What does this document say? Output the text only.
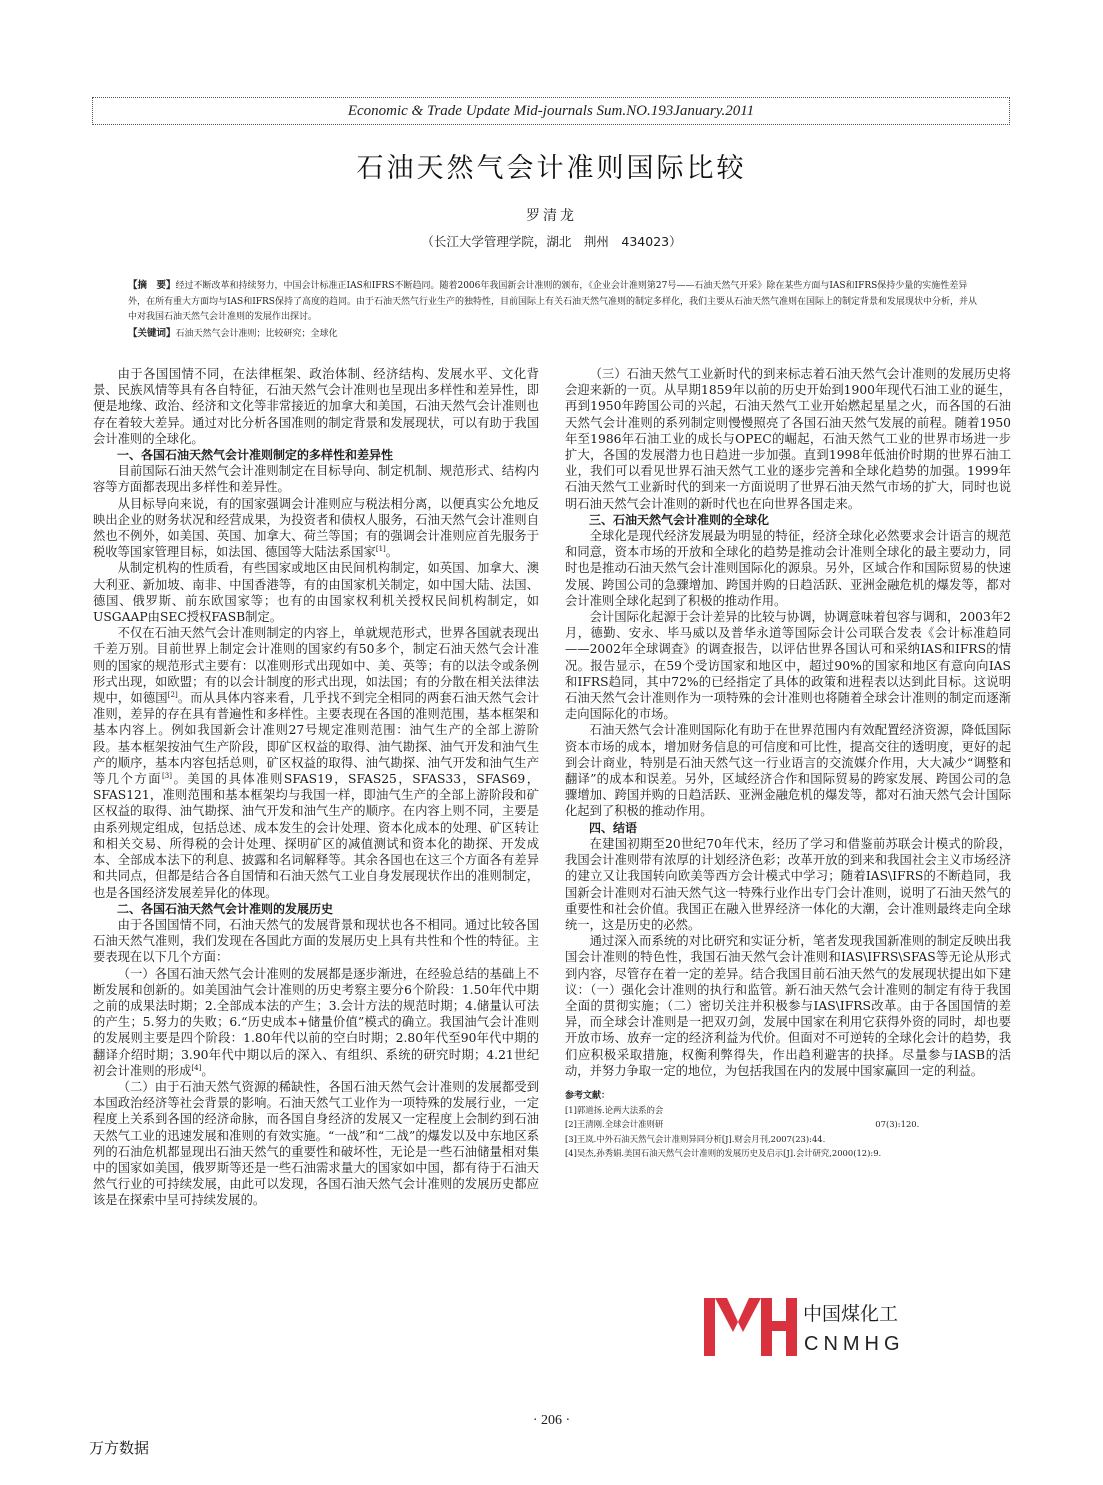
Economic & Trade Update Mid-journals Sum.NO.193January.2011
石油天然气会计准则国际比较
罗清龙
（长江大学管理学院，湖北　荆州　434023）
【摘　要】经过不断改革和持续努力，中国会计标准正IAS和IFRS不断趋同。随着2006年我国新会计准则的颁布，《企业会计准则第27号——石油天然气开采》除在某些方面与IAS和IFRS保持少量的实施性差异外，在所有重大方面均与IAS和IFRS保持了高度的趋同。由于石油天然气行业生产的独特性，目前国际上有关石油天然气准则的制定多样化，我们主要从石油天然气准则在国际上的制定背景和发展现状中分析，并从中对我国石油天然气会计准则的发展作出探讨。
【关键词】石油天然气会计准则；比较研究；全球化

由于各国国情不同，在法律框架、政治体制、经济结构、发展水平、文化背景、民族风情等具有各自特征，石油天然气会计准则也呈现出多样性和差异性，即便是地缘、政治、经济和文化等非常接近的加拿大和美国，石油天然气会计准则也存在着较大差异。通过对比分析各国准则的制定背景和发展现状，可以有助于我国会计准则的全球化。

一、各国石油天然气会计准则制定的多样性和差异性

目前国际石油天然气会计准则制定在目标导向、制定机制、规范形式、结构内容等方面都表现出多样性和差异性。

从目标导向来说，有的国家强调会计准则应与税法相分离，以便真实公允地反映出企业的财务状况和经营成果，为投资者和债权人服务，石油天然气会计准则自然也不例外，如美国、英国、加拿大、荷兰等国；有的强调会计准则应首先服务于税收等国家管理目标，如法国、德国等大陆法系国家[1]。

从制定机构的性质看，有些国家或地区由民间机构制定，如英国、加拿大、澳大利亚、新加坡、南非、中国香港等，有的由国家机关制定，如中国大陆、法国、德国、俄罗斯、前东欧国家等；也有的由国家权利机关授权民间机构制定，如USGAAP由SEC授权FASB制定。

不仅在石油天然气会计准则制定的内容上，单就规范形式，世界各国就表现出千差万别。目前世界上制定会计准则的国家约有50多个，制定石油天然气会计准则的国家的规范形式主要有：以准则形式出现如中、美、英等；有的以法令或条例形式出现，如欧盟；有的以会计制度的形式出现，如法国；有的分散在相关法律法规中，如德国[2]。而从具体内容来看，几乎找不到完全相同的两套石油天然气会计准则，差异的存在具有普遍性和多样性。主要表现在各国的准则范围，基本框架和基本内容上。例如我国新会计准则27号规定准则范围：油气生产的全部上游阶段。基本框架按油气生产阶段，即矿区权益的取得、油气勘探、油气开发和油气生产的顺序，基本内容包括总则，矿区权益的取得、油气勘探、油气开发和油气生产等几个方面[3]。美国的具体准则SFAS19，SFAS25，SFAS33，SFAS69，SFAS121，准则范围和基本框架均与我国一样，即油气生产的全部上游阶段和矿区权益的取得、油气勘探、油气开发和油气生产的顺序。在内容上则不同，主要是由系列规定组成，包括总述、成本发生的会计处理、资本化成本的处理、矿区转让和相关交易、所得税的会计处理、探明矿区的减值测试和资本化的勘探、开发成本、全部成本法下的利息、披露和名词解释等。其余各国也在这三个方面各有差异和共同点，但都是结合各自国情和石油天然气工业自身发展现状作出的准则制定，也是各国经济发展差异化的体现。

二、各国石油天然气会计准则的发展历史

由于各国国情不同，石油天然气的发展背景和现状也各不相同。通过比较各国石油天然气准则，我们发现在各国此方面的发展历史上具有共性和个性的特征。主要表现在以下几个方面：

（一）各国石油天然气会计准则的发展都是逐步渐进，在经验总结的基础上不断发展和创新的。如美国油气会计准则的历史考察主要分6个阶段：1.50年代中期之前的成果法时期；2.全部成本法的产生；3.会计方法的规范时期；4.储量认可法的产生；5.努力的失败；6.“历史成本+储量价值”模式的确立。我国油气会计准则的发展则主要是四个阶段：1.80年代以前的空白时期；2.80年代至90年代中期的翻译介绍时期；3.90年代中期以后的深入、有组织、系统的研究时期；4.21世纪初会计准则的形成[4]。

（二）由于石油天然气资源的稀缺性，各国石油天然气会计准则的发展都受到本国政治经济等社会背景的影响。石油天然气工业作为一项特殊的发展行业，一定程度上关系到各国的经济命脉，而各国自身经济的发展又一定程度上会制约到石油天然气工业的迅速发展和准则的有效实施。“一战”和“二战”的爆发以及中东地区系列的石油危机都显现出石油天然气的重要性和破坏性，无论是一些石油储量相对集中的国家如美国，俄罗斯等还是一些石油需求量大的国家如中国，都有待于石油天然气行业的可持续发展，由此可以发现，各国石油天然气会计准则的发展历史都应该是在探索中呈可持续发展的。

（三）石油天然气工业新时代的到来标志着石油天然气会计准则的发展历史将会迎来新的一页。从早期1859年以前的历史开始到1900年现代石油工业的诞生，再到1950年跨国公司的兴起，石油天然气工业开始燃起星星之火，而各国的石油天然气会计准则的系列制定则慢慢照亮了各国石油天然气发展的前程。随着1950年至1986年石油工业的成长与OPEC的崛起，石油天然气工业的世界市场进一步扩大，各国的发展潜力也日趋进一步加强。直到1998年低油价时期的世界石油工业，我们可以看见世界石油天然气工业的逐步完善和全球化趋势的加强。1999年石油天然气工业新时代的到来一方面说明了世界石油天然气市场的扩大，同时也说明石油天然气会计准则的新时代也在向世界各国走来。

三、石油天然气会计准则的全球化

全球化是现代经济发展最为明显的特征，经济全球化必然要求会计语言的规范和同意，资本市场的开放和全球化的趋势是推动会计准则全球化的最主要动力，同时也是推动石油天然气会计准则国际化的源泉。另外，区域合作和国际贸易的快速发展、跨国公司的急骤增加、跨国并购的日趋活跃、亚洲金融危机的爆发等，都对会计准则全球化起到了积极的推动作用。

会计国际化起源于会计差异的比较与协调，协调意味着包容与调和，2003年2月，德勤、安永、毕马威以及普华永道等国际会计公司联合发表《会计标准趋同——2002年全球调查》的调查报告，以评估世界各国认可和采纳IAS和IFRS的情况。报告显示，在59个受访国家和地区中，超过90%的国家和地区有意向向IAS和IFRS趋同，其中72%的已经指定了具体的政策和进程表以达到此目标。这说明石油天然气会计准则作为一项特殊的会计准则也将随着全球会计准则的制定而逐渐走向国际化的市场。

石油天然气会计准则国际化有助于在世界范围内有效配置经济资源，降低国际资本市场的成本，增加财务信息的可信度和可比性，提高交往的透明度，更好的起到会计商业，特别是石油天然气这一行业语言的交流媒介作用，大大减少“调整和翻译”的成本和误差。另外，区域经济合作和国际贸易的跨家发展、跨国公司的急骤增加、跨国并购的日趋活跃、亚洲金融危机的爆发等，都对石油天然气会计国际化起到了积极的推动作用。

四、结语

在建国初期至20世纪70年代末，经历了学习和借鉴前苏联会计模式的阶段，我国会计准则带有浓厚的计划经济色彩；改革开放的到来和我国社会主义市场经济的建立又让我国转向欧美等西方会计模式中学习；随着IAS\IFRS的不断趋同，我国新会计准则对石油天然气这一特殊行业作出专门会计准则，说明了石油天然气的重要性和社会价值。我国正在融入世界经济一体化的大潮，会计准则最终走向全球统一，这是历史的必然。

通过深入而系统的对比研究和实证分析，笔者发现我国新准则的制定反映出我国会计准则的特色性，我国石油天然气会计准则和IAS\IFRS\SFAS等无论从形式到内容，尽管存在着一定的差异。结合我国目前石油天然气的发展现状提出如下建议：（一）强化会计准则的执行和监管。新石油天然气会计准则的制定有待于我国全面的贯彻实施；（二）密切关注并积极参与IAS\IFRS改革。由于各国国情的差异，而全球会计准则是一把双刃剑，发展中国家在利用它获得外资的同时，却也要开放市场、放弃一定的经济利益为代价。但面对不可逆转的全球化会计的趋势，我们应积极采取措施，权衡利弊得失，作出趋利避害的抉择。尽量参与IASB的活动，并努力争取一定的地位，为包括我国在内的发展中国家赢回一定的利益。

参考文献：
[1]郭道扬.论两大法系的会
[2]王清刚.全球会计准则研	07(3):120.
[3]王岚.中外石油天然气会计准则异同分析[J].财会月刊,2007(23):44.
[4]吴杰,孙秀娟.美国石油天然气会计准则的发展历史及启示[J].会计研究,2000(12):9.
中国煤化工
CNMHG
· 206 ·
万方数据
